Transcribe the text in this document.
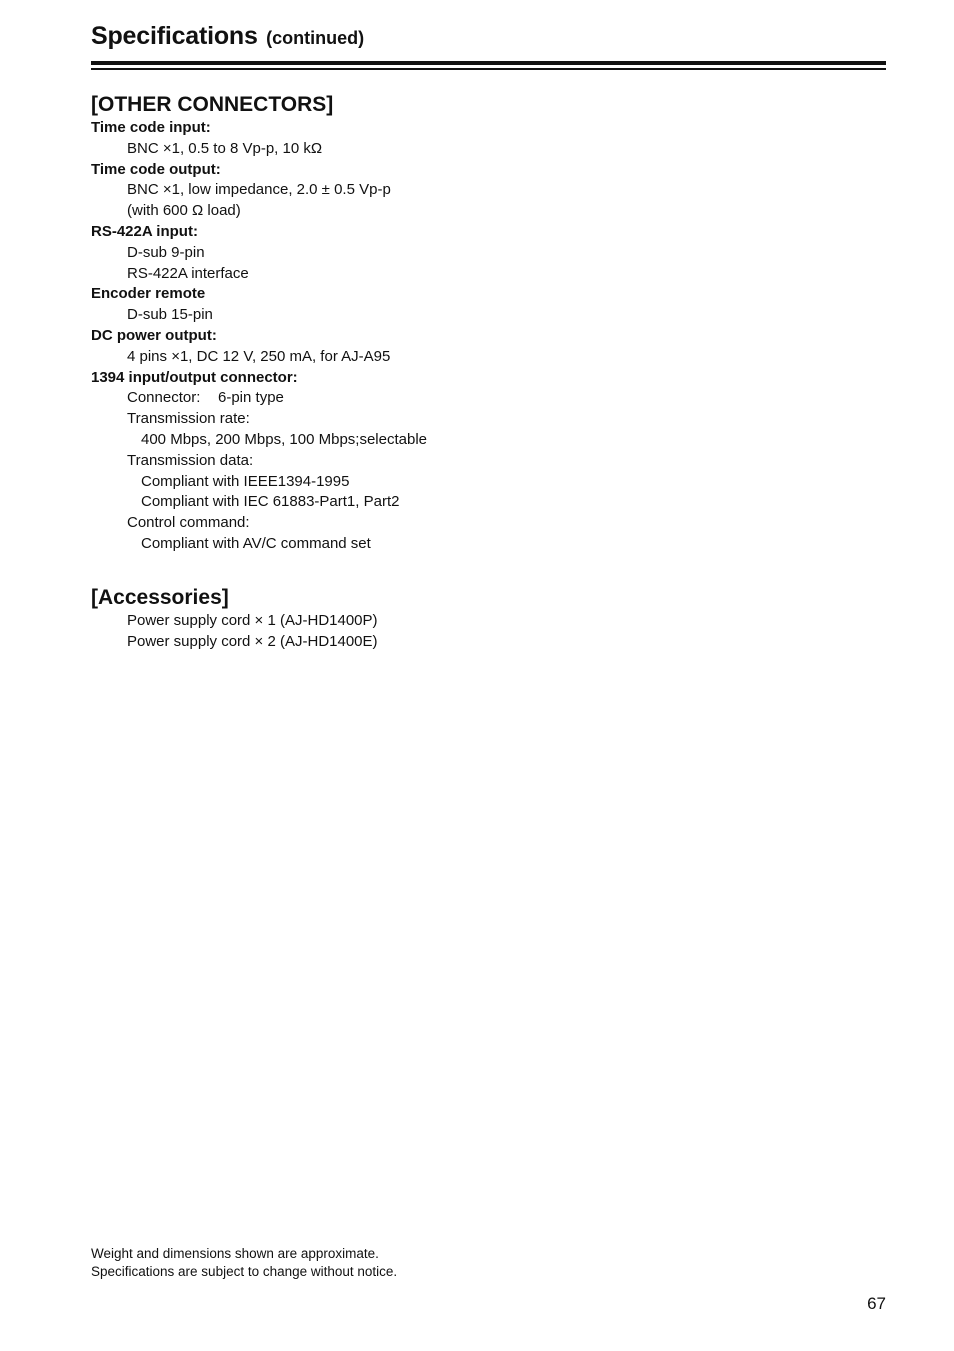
Specifications (continued)
[OTHER CONNECTORS]
Time code input:
BNC ×1, 0.5 to 8 Vp-p, 10 kΩ
Time code output:
BNC ×1, low impedance, 2.0 ± 0.5 Vp-p
(with 600 Ω load)
RS-422A input:
D-sub 9-pin
RS-422A interface
Encoder remote
D-sub 15-pin
DC power output:
4 pins ×1, DC 12 V, 250 mA, for AJ-A95
1394 input/output connector:
Connector: 6-pin type
Transmission rate:
400 Mbps, 200 Mbps, 100 Mbps;selectable
Transmission data:
Compliant with IEEE1394-1995
Compliant with IEC 61883-Part1, Part2
Control command:
Compliant with AV/C command set
[Accessories]
Power supply cord × 1 (AJ-HD1400P)
Power supply cord × 2 (AJ-HD1400E)
Weight and dimensions shown are approximate.
Specifications are subject to change without notice.
67
